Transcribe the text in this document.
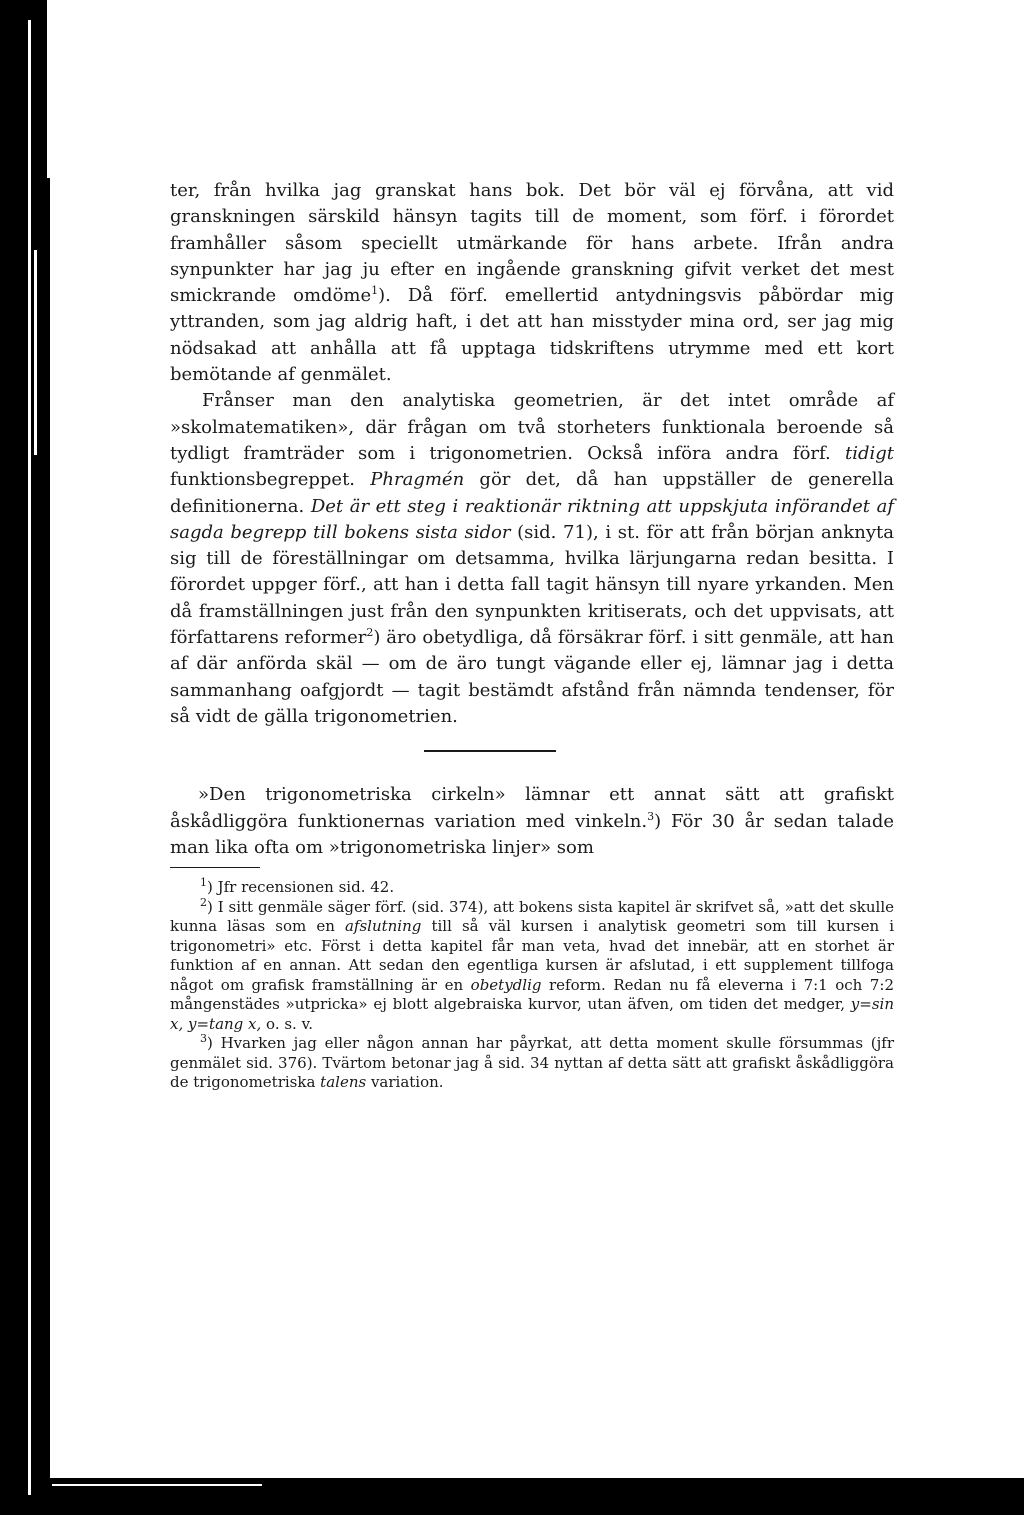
ter, från hvilka jag granskat hans bok. Det bör väl ej förvåna, att vid granskningen särskild hänsyn tagits till de moment, som förf. i förordet framhåller såsom speciellt utmärkande för hans arbete. Ifrån andra synpunkter har jag ju efter en ingående granskning gifvit verket det mest smickrande omdöme$^1$). Då förf. emellertid antydningsvis påbördar mig yttranden, som jag aldrig haft, i det att han misstyder mina ord, ser jag mig nödsakad att anhålla att få upptaga tidskriftens utrymme med ett kort bemötande af genmälet.

Frånser man den analytiska geometrien, är det intet område af »skolmatematiken», där frågan om två storheters funktionala beroende så tydligt framträder som i trigonometrien. Också införa andra förf. tidigt funktionsbegreppet. Phragmén gör det, då han uppställer de generella definitionerna. Det är ett steg i reaktionär riktning att uppskjuta införandet af sagda begrepp till bokens sista sidor (sid. 71), i st. för att från början anknyta sig till de föreställningar om detsamma, hvilka lärjungarna redan besitta. I förordet uppger förf., att han i detta fall tagit hänsyn till nyare yrkanden. Men då framställningen just från den synpunkten kritiserats, och det uppvisats, att författarens reformer$^2$) äro obetydliga, då försäkrar förf. i sitt genmäle, att han af där anförda skäl — om de äro tungt vägande eller ej, lämnar jag i detta sammanhang oafgjordt — tagit bestämdt afstånd från nämnda tendenser, för så vidt de gälla trigonometrien.

»Den trigonometriska cirkeln» lämnar ett annat sätt att grafiskt åskådliggöra funktionernas variation med vinkeln.$^3$) För 30 år sedan talade man lika ofta om »trigonometriska linjer» som

$^1$) Jfr recensionen sid. 42.

$^2$) I sitt genmäle säger förf. (sid. 374), att bokens sista kapitel är skrifvet så, »att det skulle kunna läsas som en afslutning till så väl kursen i analytisk geometri som till kursen i trigonometri» etc. Först i detta kapitel får man veta, hvad det innebär, att en storhet är funktion af en annan. Att sedan den egentliga kursen är afslutad, i ett supplement tillfoga något om grafisk framställning är en obetydlig reform. Redan nu få eleverna i 7:1 och 7:2 mångenstädes »utpricka» ej blott algebraiska kurvor, utan äfven, om tiden det medger, y=sin x, y=tang x, o. s. v.

$^3$) Hvarken jag eller någon annan har påyrkat, att detta moment skulle försummas (jfr genmälet sid. 376). Tvärtom betonar jag å sid. 34 nyttan af detta sätt att grafiskt åskådliggöra de trigonometriska talens variation.
